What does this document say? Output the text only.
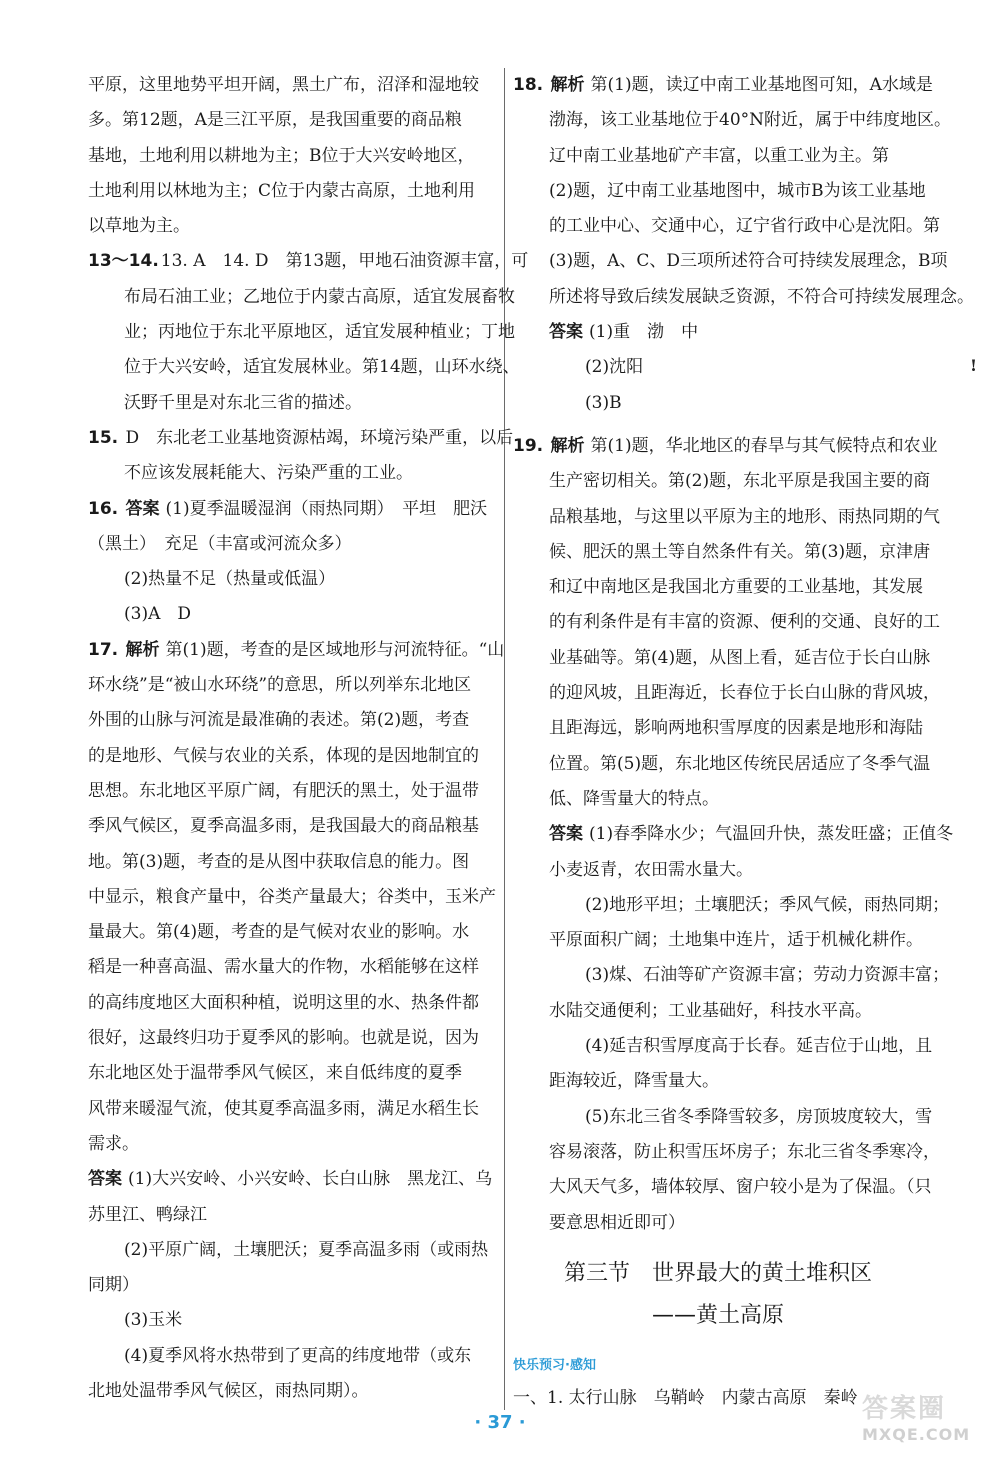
平原，这里地势平坦开阔，黑土广布，沼泽和湿地较
多。第12题，A是三江平原，是我国重要的商品粮
基地，土地利用以耕地为主；B位于大兴安岭地区，
土地利用以林地为主；C位于内蒙古高原，土地利用
以草地为主。
13～14. 13. A　14. D　第13题，甲地石油资源丰富，可
布局石油工业；乙地位于内蒙古高原，适宜发展畜牧
业；丙地位于东北平原地区，适宜发展种植业；丁地
位于大兴安岭，适宜发展林业。第14题，山环水绕、
沃野千里是对东北三省的描述。
15. D　东北老工业基地资源枯竭，环境污染严重，以后
不应该发展耗能大、污染严重的工业。
16. 答案 (1)夏季温暖湿润（雨热同期）　平坦　肥沃
（黑土）　充足（丰富或河流众多）
(2)热量不足（热量或低温）
(3)A　D
17. 解析 第(1)题，考查的是区域地形与河流特征。“山
环水绕”是“被山水环绕”的意思，所以列举东北地区
外围的山脉与河流是最准确的表述。第(2)题，考查
的是地形、气候与农业的关系，体现的是因地制宜的
思想。东北地区平原广阔，有肥沃的黑土，处于温带
季风气候区，夏季高温多雨，是我国最大的商品粮基
地。第(3)题，考查的是从图中获取信息的能力。图
中显示，粮食产量中，谷类产量最大；谷类中，玉米产
量最大。第(4)题，考查的是气候对农业的影响。水
稻是一种喜高温、需水量大的作物，水稻能够在这样
的高纬度地区大面积种植，说明这里的水、热条件都
很好，这最终归功于夏季风的影响。也就是说，因为
东北地区处于温带季风气候区，来自低纬度的夏季
风带来暖湿气流，使其夏季高温多雨，满足水稻生长
需求。
答案 (1)大兴安岭、小兴安岭、长白山脉　黑龙江、乌
苏里江、鸭绿江
(2)平原广阔，土壤肥沃；夏季高温多雨（或雨热
同期）
(3)玉米
(4)夏季风将水热带到了更高的纬度地带（或东
北地处温带季风气候区，雨热同期）。
18. 解析 第(1)题，读辽中南工业基地图可知，A水域是
渤海，该工业基地位于40°N附近，属于中纬度地区。
辽中南工业基地矿产丰富，以重工业为主。第
(2)题，辽中南工业基地图中，城市B为该工业基地
的工业中心、交通中心，辽宁省行政中心是沈阳。第
(3)题，A、C、D三项所述符合可持续发展理念，B项
所述将导致后续发展缺乏资源，不符合可持续发展理念。
答案 (1)重　渤　中
(2)沈阳
(3)B
19. 解析 第(1)题，华北地区的春旱与其气候特点和农业
生产密切相关。第(2)题，东北平原是我国主要的商
品粮基地，与这里以平原为主的地形、雨热同期的气
候、肥沃的黑土等自然条件有关。第(3)题，京津唐
和辽中南地区是我国北方重要的工业基地，其发展
的有利条件是有丰富的资源、便利的交通、良好的工
业基础等。第(4)题，从图上看，延吉位于长白山脉
的迎风坡，且距海近，长春位于长白山脉的背风坡，
且距海远，影响两地积雪厚度的因素是地形和海陆
位置。第(5)题，东北地区传统民居适应了冬季气温
低、降雪量大的特点。
答案 (1)春季降水少；气温回升快，蒸发旺盛；正值冬
小麦返青，农田需水量大。
(2)地形平坦；土壤肥沃；季风气候，雨热同期；
平原面积广阔；土地集中连片，适于机械化耕作。
(3)煤、石油等矿产资源丰富；劳动力资源丰富；
水陆交通便利；工业基础好，科技水平高。
(4)延吉积雪厚度高于长春。延吉位于山地，且
距海较近，降雪量大。
(5)东北三省冬季降雪较多，房顶坡度较大，雪
容易滚落，防止积雪压坏房子；东北三省冬季寒冷，
大风天气多，墙体较厚、窗户较小是为了保温。（只
要意思相近即可）
第三节　世界最大的黄土堆积区
——黄土高原
快乐预习·感知
一、1. 太行山脉　乌鞘岭　内蒙古高原　秦岭
!
· 37 ·	答案圈
MXQE.COM
